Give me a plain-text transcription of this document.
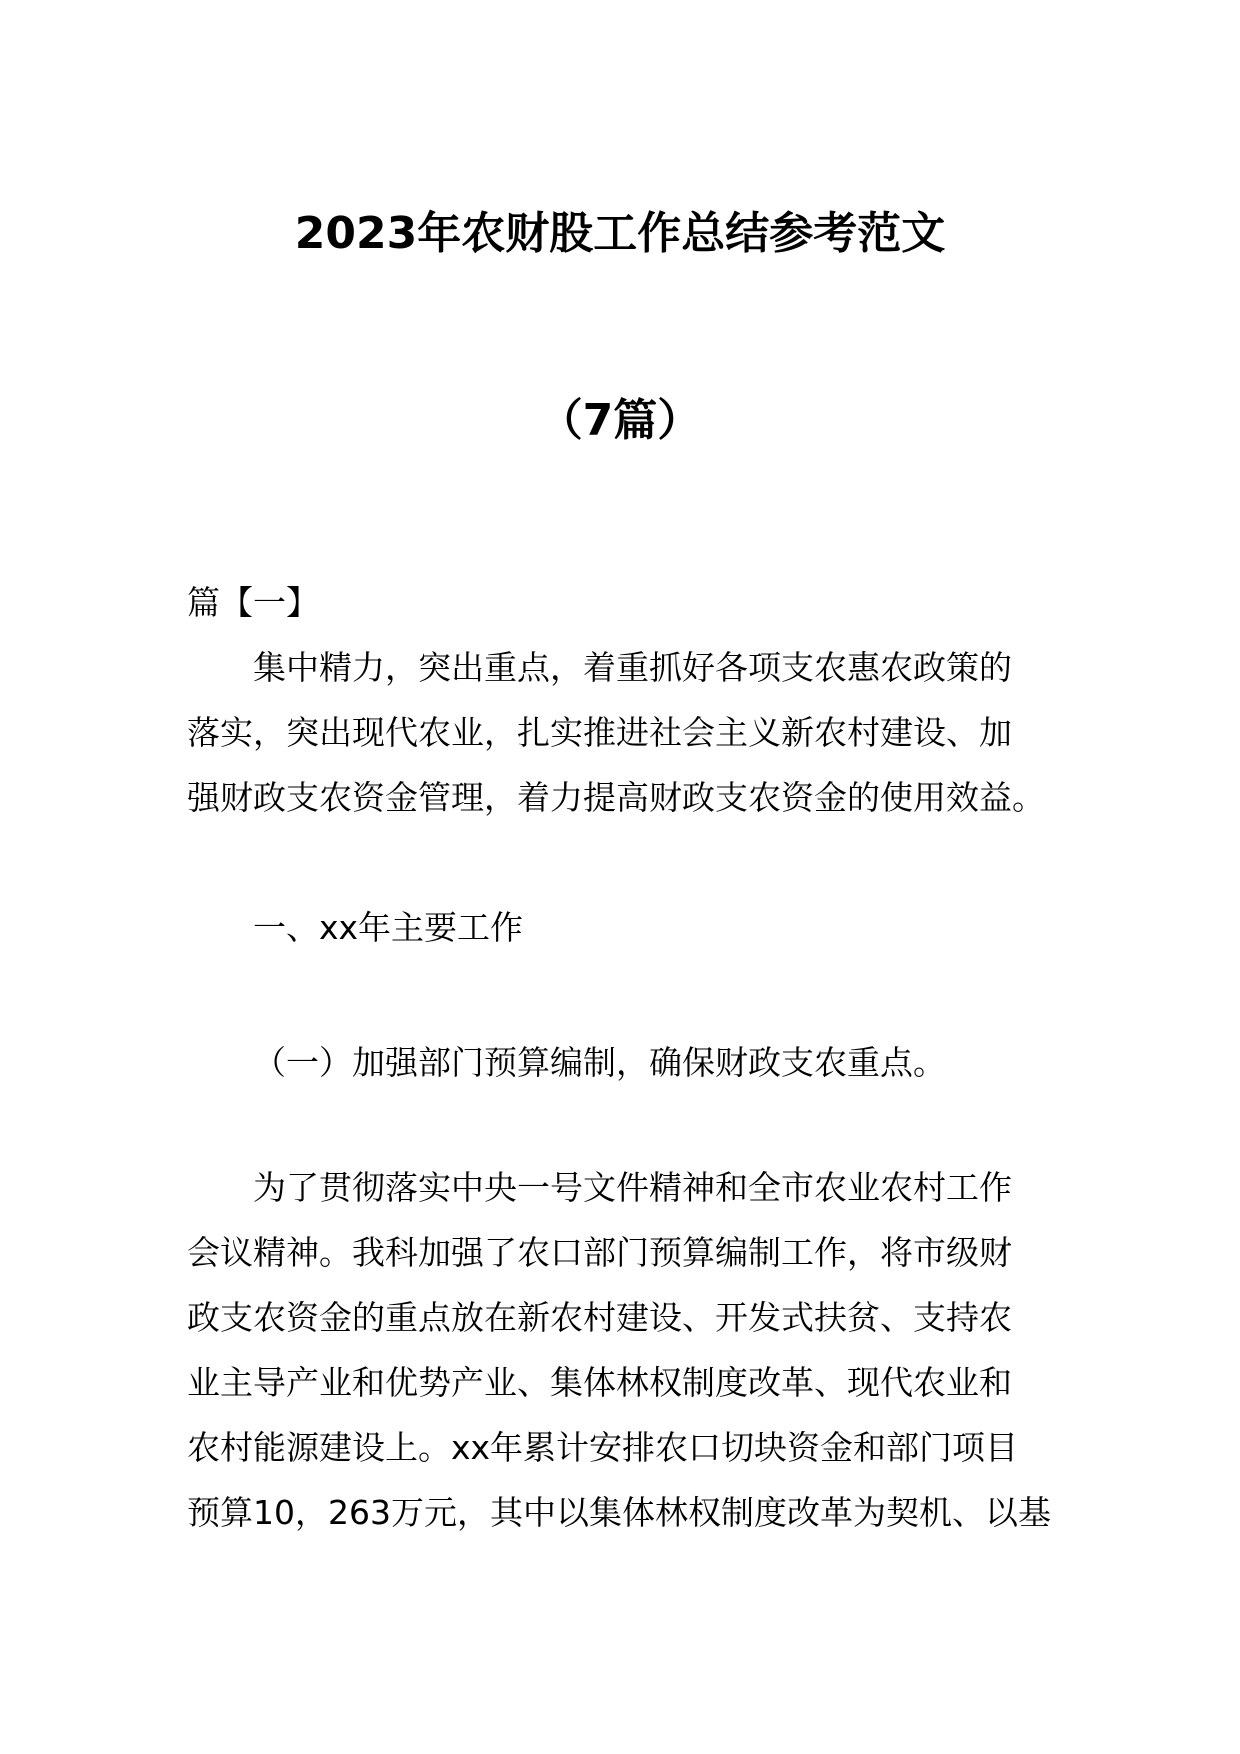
2023年农财股工作总结参考范文
（7篇）

篇【一】

集中精力，突出重点，着重抓好各项支农惠农政策的

落实，突出现代农业，扎实推进社会主义新农村建设、加

强财政支农资金管理，着力提高财政支农资金的使用效益。

一、xx年主要工作

（一）加强部门预算编制，确保财政支农重点。

为了贯彻落实中央一号文件精神和全市农业农村工作

会议精神。我科加强了农口部门预算编制工作，将市级财

政支农资金的重点放在新农村建设、开发式扶贫、支持农

业主导产业和优势产业、集体林权制度改革、现代农业和

农村能源建设上。xx年累计安排农口切块资金和部门项目

预算10，263万元，其中以集体林权制度改革为契机、以基
